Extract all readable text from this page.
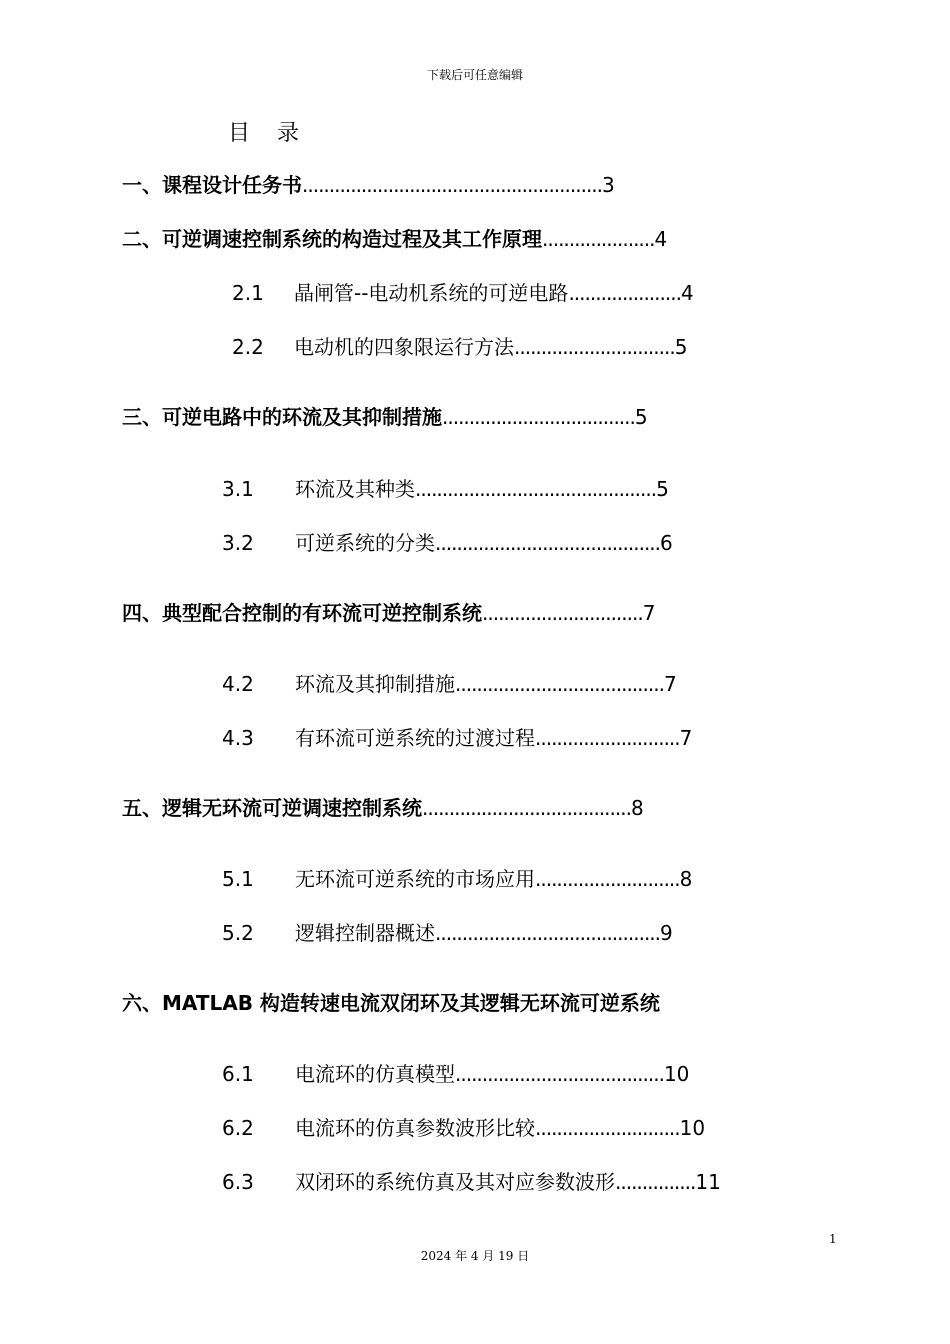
下载后可任意编辑
目 录
一、课程设计任务书........................................................3
二、可逆调速控制系统的构造过程及其工作原理.....................4
2.1 晶闸管--电动机系统的可逆电路.....................4
2.2 电动机的四象限运行方法..............................5
三、可逆电路中的环流及其抑制措施....................................5
3.1 环流及其种类.............................................5
3.2 可逆系统的分类..........................................6
四、典型配合控制的有环流可逆控制系统..............................7
4.2 环流及其抑制措施.......................................7
4.3 有环流可逆系统的过渡过程...........................7
五、逻辑无环流可逆调速控制系统.......................................8
5.1 无环流可逆系统的市场应用...........................8
5.2 逻辑控制器概述..........................................9
六、MATLAB 构造转速电流双闭环及其逻辑无环流可逆系统
6.1 电流环的仿真模型.......................................10
6.2 电流环的仿真参数波形比较...........................10
6.3 双闭环的系统仿真及其对应参数波形...............11
1
2024 年 4 月 19 日
